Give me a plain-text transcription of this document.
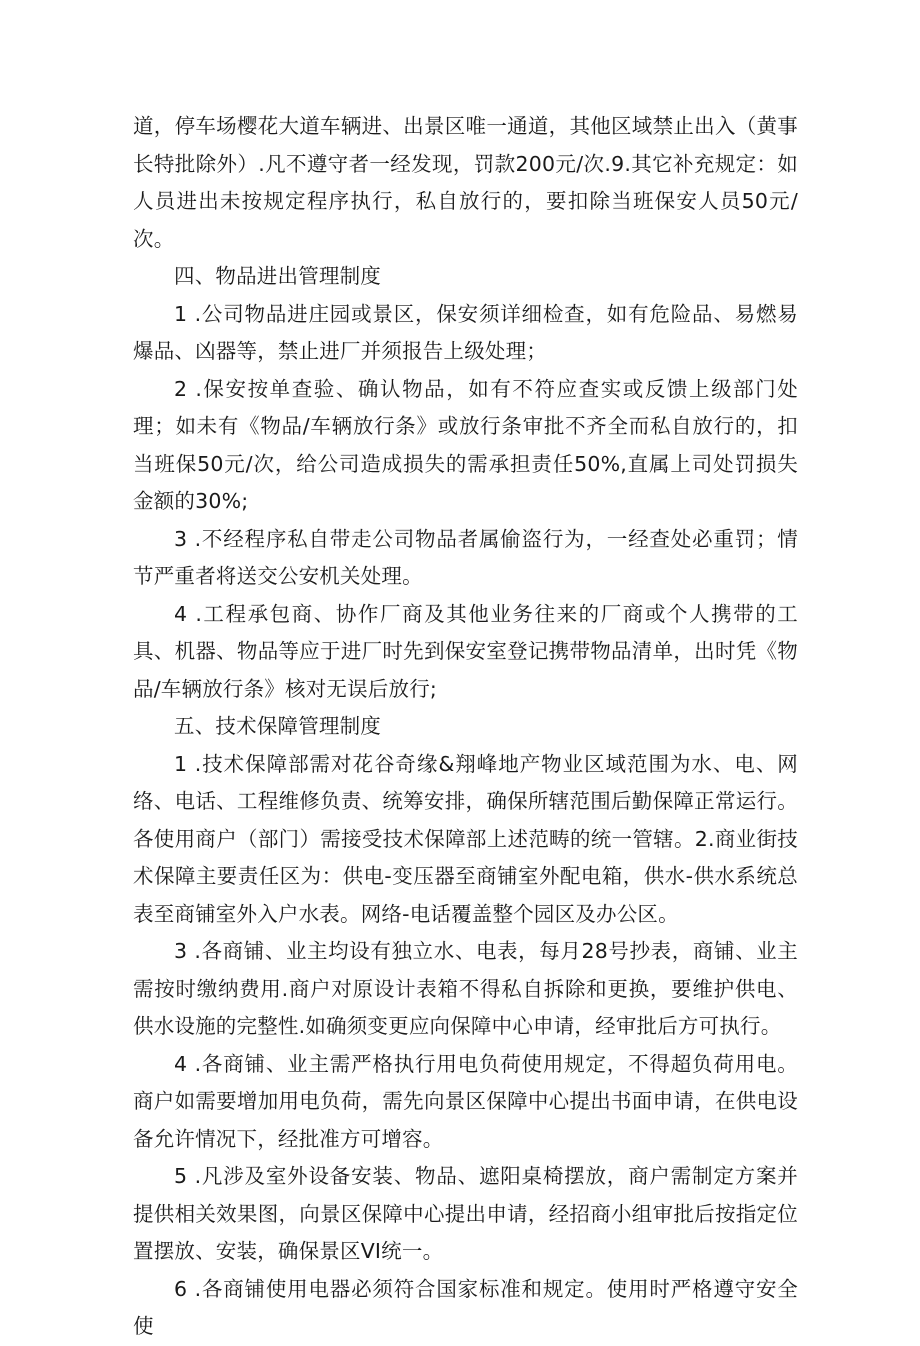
道，停车场樱花大道车辆进、出景区唯一通道，其他区域禁止出入（黄事长特批除外）.凡不遵守者一经发现，罚款200元/次.9.其它补充规定：如人员进出未按规定程序执行，私自放行的，要扣除当班保安人员50元/次。

四、物品进出管理制度

1 .公司物品进庄园或景区，保安须详细检查，如有危险品、易燃易爆品、凶器等，禁止进厂并须报告上级处理；

2 .保安按单查验、确认物品，如有不符应查实或反馈上级部门处理；如未有《物品/车辆放行条》或放行条审批不齐全而私自放行的，扣当班保50元/次，给公司造成损失的需承担责任50%,直属上司处罚损失金额的30%;

3 .不经程序私自带走公司物品者属偷盗行为，一经查处必重罚；情节严重者将送交公安机关处理。

4 .工程承包商、协作厂商及其他业务往来的厂商或个人携带的工具、机器、物品等应于进厂时先到保安室登记携带物品清单，出时凭《物品/车辆放行条》核对无误后放行;

五、技术保障管理制度

1 .技术保障部需对花谷奇缘&翔峰地产物业区域范围为水、电、网络、电话、工程维修负责、统筹安排，确保所辖范围后勤保障正常运行。各使用商户（部门）需接受技术保障部上述范畴的统一管辖。2.商业街技术保障主要责任区为：供电-变压器至商铺室外配电箱，供水-供水系统总表至商铺室外入户水表。网络-电话覆盖整个园区及办公区。

3 .各商铺、业主均设有独立水、电表，每月28号抄表，商铺、业主需按时缴纳费用.商户对原设计表箱不得私自拆除和更换，要维护供电、供水设施的完整性.如确须变更应向保障中心申请，经审批后方可执行。

4 .各商铺、业主需严格执行用电负荷使用规定，不得超负荷用电。商户如需要增加用电负荷，需先向景区保障中心提出书面申请，在供电设备允许情况下，经批准方可增容。

5 .凡涉及室外设备安装、物品、遮阳桌椅摆放，商户需制定方案并提供相关效果图，向景区保障中心提出申请，经招商小组审批后按指定位置摆放、安装，确保景区VI统一。

6 .各商铺使用电器必须符合国家标准和规定。使用时严格遵守安全使
